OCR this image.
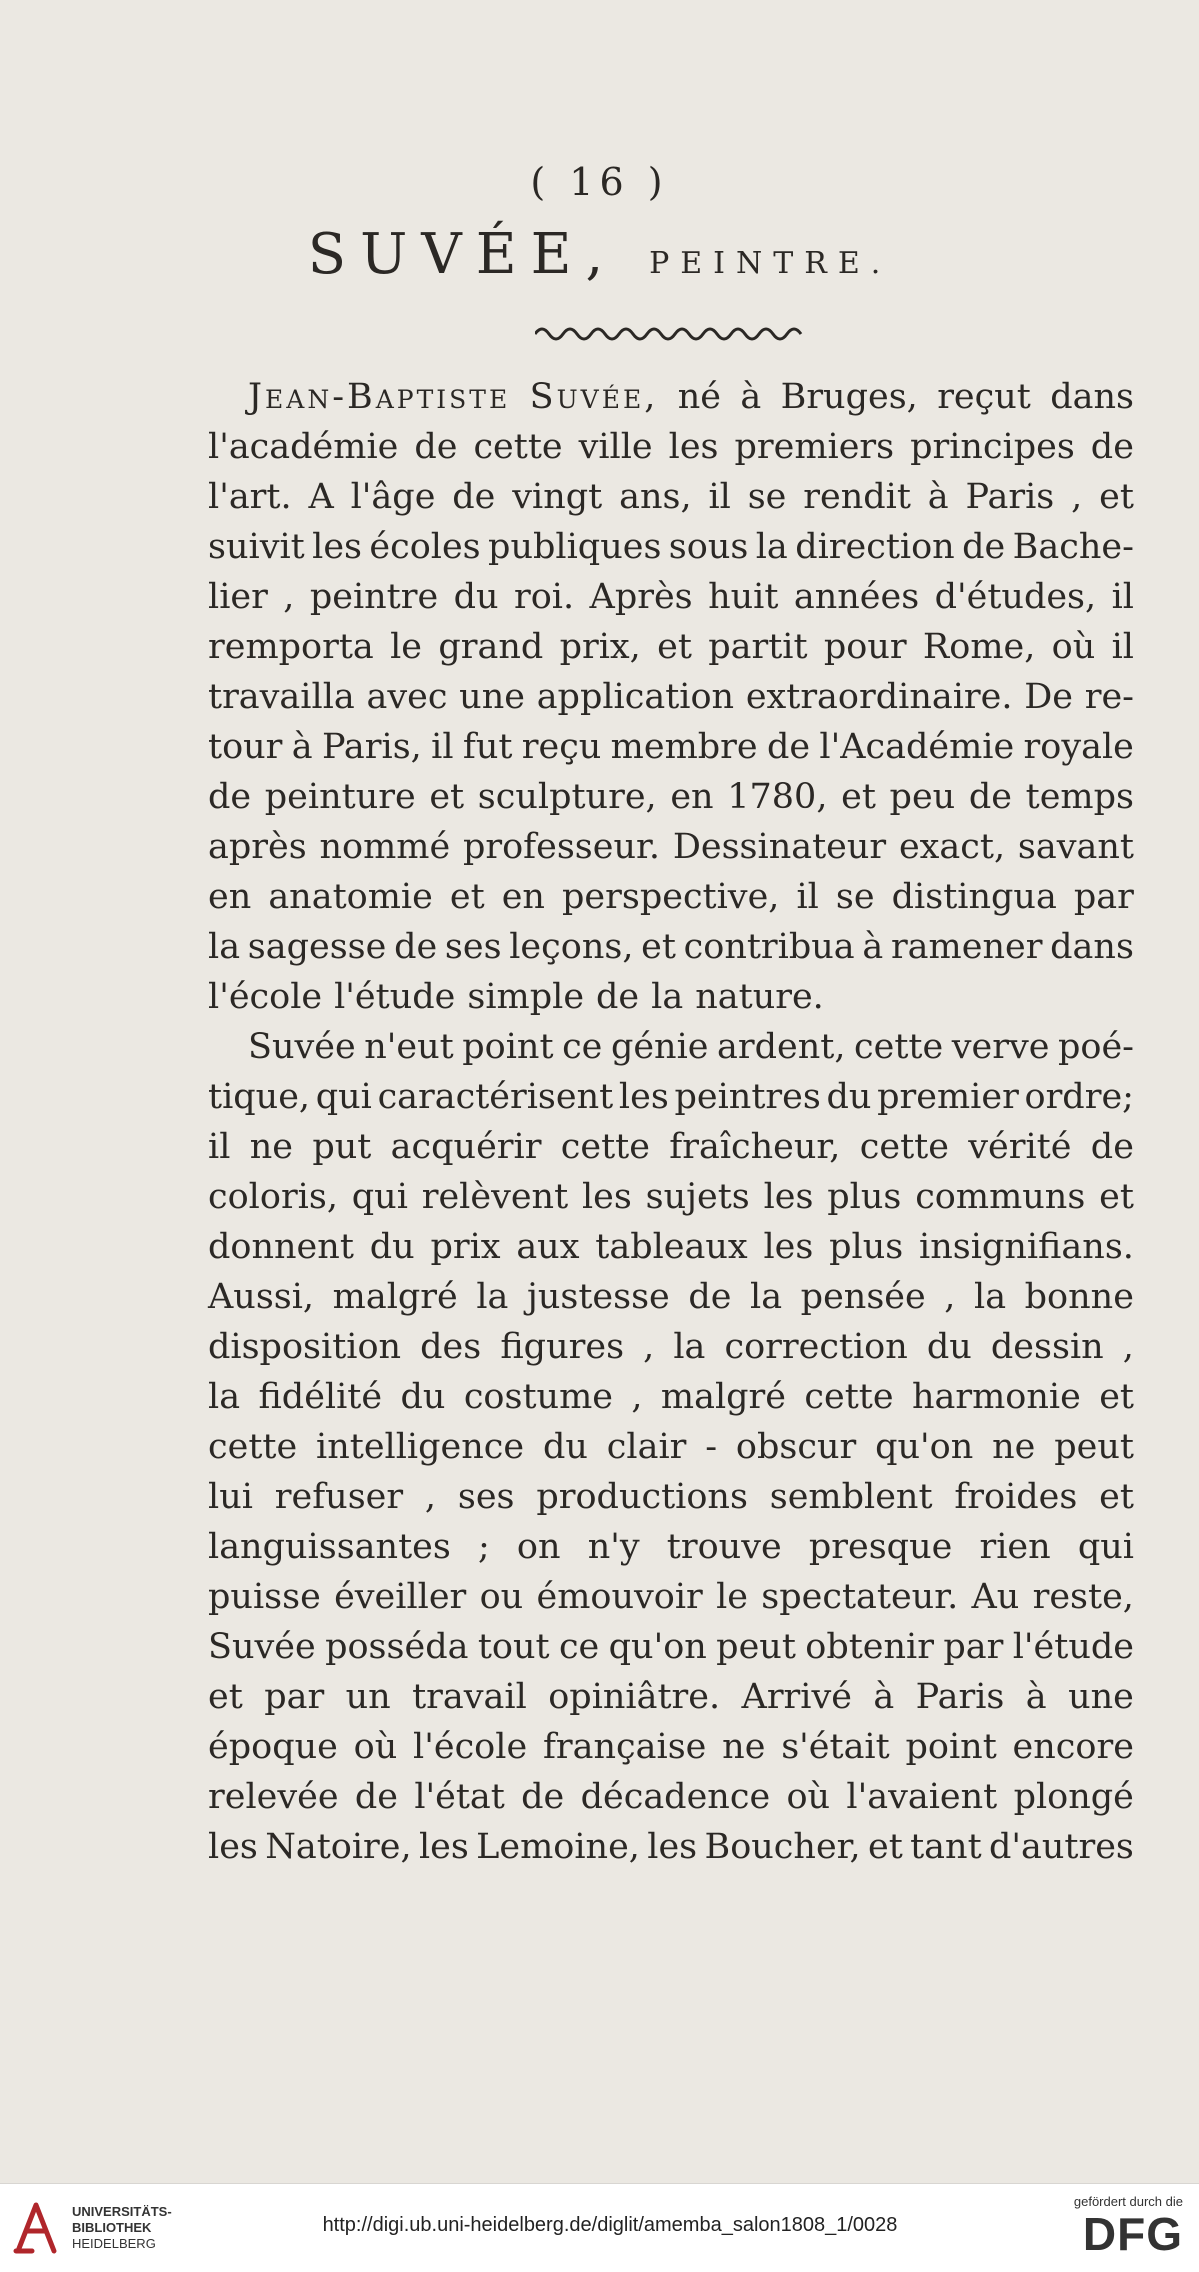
( 16 )
SUVÉE, PEINTRE.
Jean-Baptiste Suvée, né à Bruges, reçut dans
l'académie de cette ville les premiers principes de
l'art. A l'âge de vingt ans, il se rendit à Paris , et
suivit les écoles publiques sous la direction de Bache-
lier , peintre du roi. Après huit années d'études, il
remporta le grand prix, et partit pour Rome, où il
travailla avec une application extraordinaire. De re-
tour à Paris, il fut reçu membre de l'Académie royale
de peinture et sculpture, en 1780, et peu de temps
après nommé professeur. Dessinateur exact, savant
en anatomie et en perspective, il se distingua par
la sagesse de ses leçons, et contribua à ramener dans
l'école l'étude simple de la nature.
Suvée n'eut point ce génie ardent, cette verve poé-
tique, qui caractérisent les peintres du premier ordre;
il ne put acquérir cette fraîcheur, cette vérité de
coloris, qui relèvent les sujets les plus communs et
donnent du prix aux tableaux les plus insignifians.
Aussi, malgré la justesse de la pensée , la bonne
disposition des figures , la correction du dessin ,
la fidélité du costume , malgré cette harmonie et
cette intelligence du clair - obscur qu'on ne peut
lui refuser , ses productions semblent froides et
languissantes ; on n'y trouve presque rien qui
puisse éveiller ou émouvoir le spectateur. Au reste,
Suvée posséda tout ce qu'on peut obtenir par l'étude
et par un travail opiniâtre. Arrivé à Paris à une
époque où l'école française ne s'était point encore
relevée de l'état de décadence où l'avaient plongé
les Natoire, les Lemoine, les Boucher, et tant d'autres
UNIVERSITÄTS-
BIBLIOTHEK
HEIDELBERG
http://digi.ub.uni-heidelberg.de/diglit/amemba_salon1808_1/0028
gefördert durch die
DFG
